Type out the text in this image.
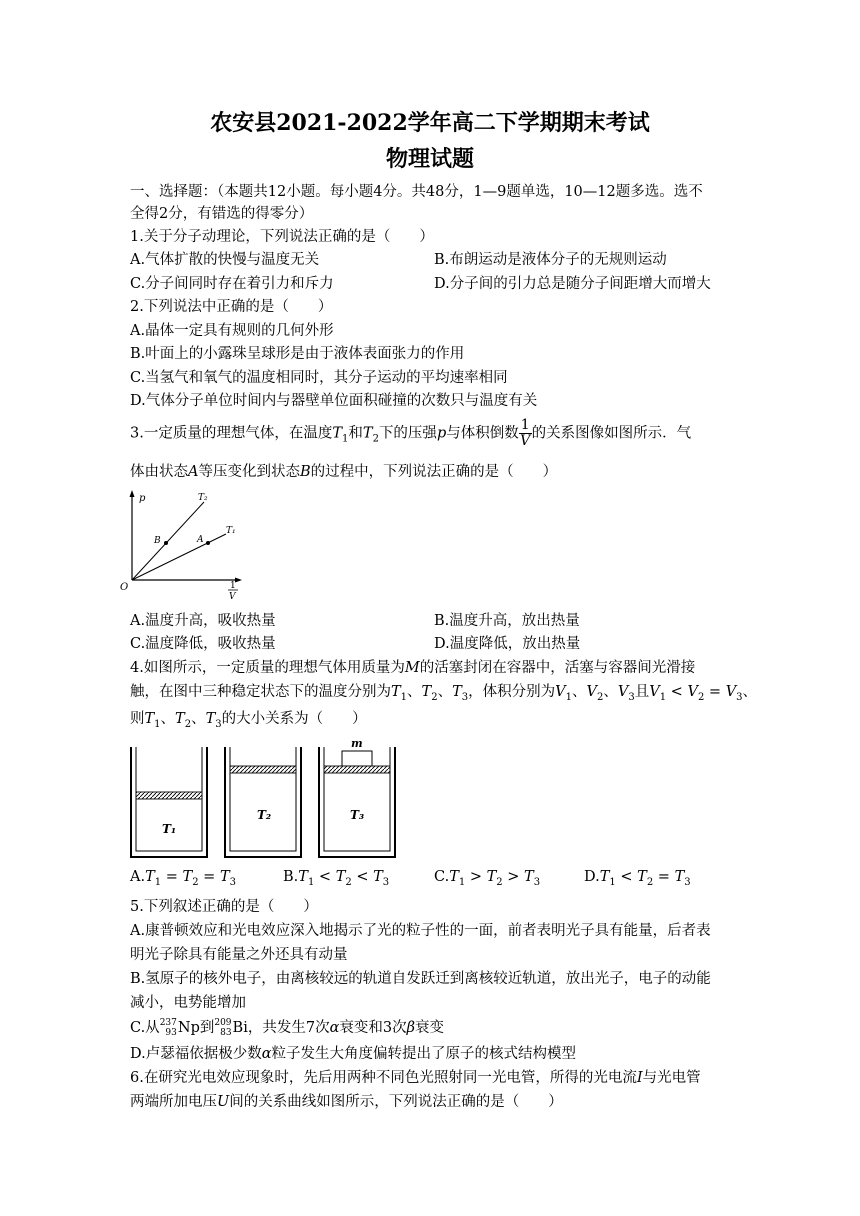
农安县2021-2022学年高二下学期期末考试
物理试题
一、选择题：（本题共12小题。每小题4分。共48分，1—9题单选，10—12题多选。选不
全得2分，有错选的得零分）
1.关于分子动理论，下列说法正确的是（　　）
A.气体扩散的快慢与温度无关	B.布朗运动是液体分子的无规则运动
C.分子间同时存在着引力和斥力	D.分子间的引力总是随分子间距增大而增大
2.下列说法中正确的是（　　）
A.晶体一定具有规则的几何外形
B.叶面上的小露珠呈球形是由于液体表面张力的作用
C.当氢气和氧气的温度相同时，其分子运动的平均速率相同
D.气体分子单位时间内与器壁单位面积碰撞的次数只与温度有关
3.一定质量的理想气体，在温度$T_1$和$T_2$下的压强p与体积倒数 $\frac{1}{V}$ 的关系图像如图所示．气
体由状态A等压变化到状态B的过程中，下列说法正确的是（　　）
p
O
T₂
T₁
B	A
1
V
A.温度升高，吸收热量	B.温度升高，放出热量
C.温度降低，吸收热量	D.温度降低，放出热量
4.如图所示，一定质量的理想气体用质量为M的活塞封闭在容器中，活塞与容器间光滑接
触，在图中三种稳定状态下的温度分别为$T_1$、$T_2$、$T_3$，体积分别为$V_1$、$V_2$、$V_3$且$V_1 < V_2 = V_3$、
则$T_1$、$T_2$、$T_3$的大小关系为（　　）
T₁
T₂
m
T₃
$A.T_1 = T_2 = T_3$	$B.T_1 < T_2 < T_3$	$C.T_1 > T_2 > T_3$	$D.T_1 < T_2 = T_3$
5.下列叙述正确的是（　　）
A.康普顿效应和光电效应深入地揭示了光的粒子性的一面，前者表明光子具有能量，后者表
明光子除具有能量之外还具有动量
B.氢原子的核外电子，由离核较远的轨道自发跃迁到离核较近轨道，放出光子，电子的动能
减小，电势能增加
C.从 237
93 Np到 209
83 Bi，共发生7次α衰变和3次β衰变
D.卢瑟福依据极少数α粒子发生大角度偏转提出了原子的核式结构模型
6.在研究光电效应现象时，先后用两种不同色光照射同一光电管，所得的光电流I与光电管
两端所加电压U间的关系曲线如图所示，下列说法正确的是（　　）
